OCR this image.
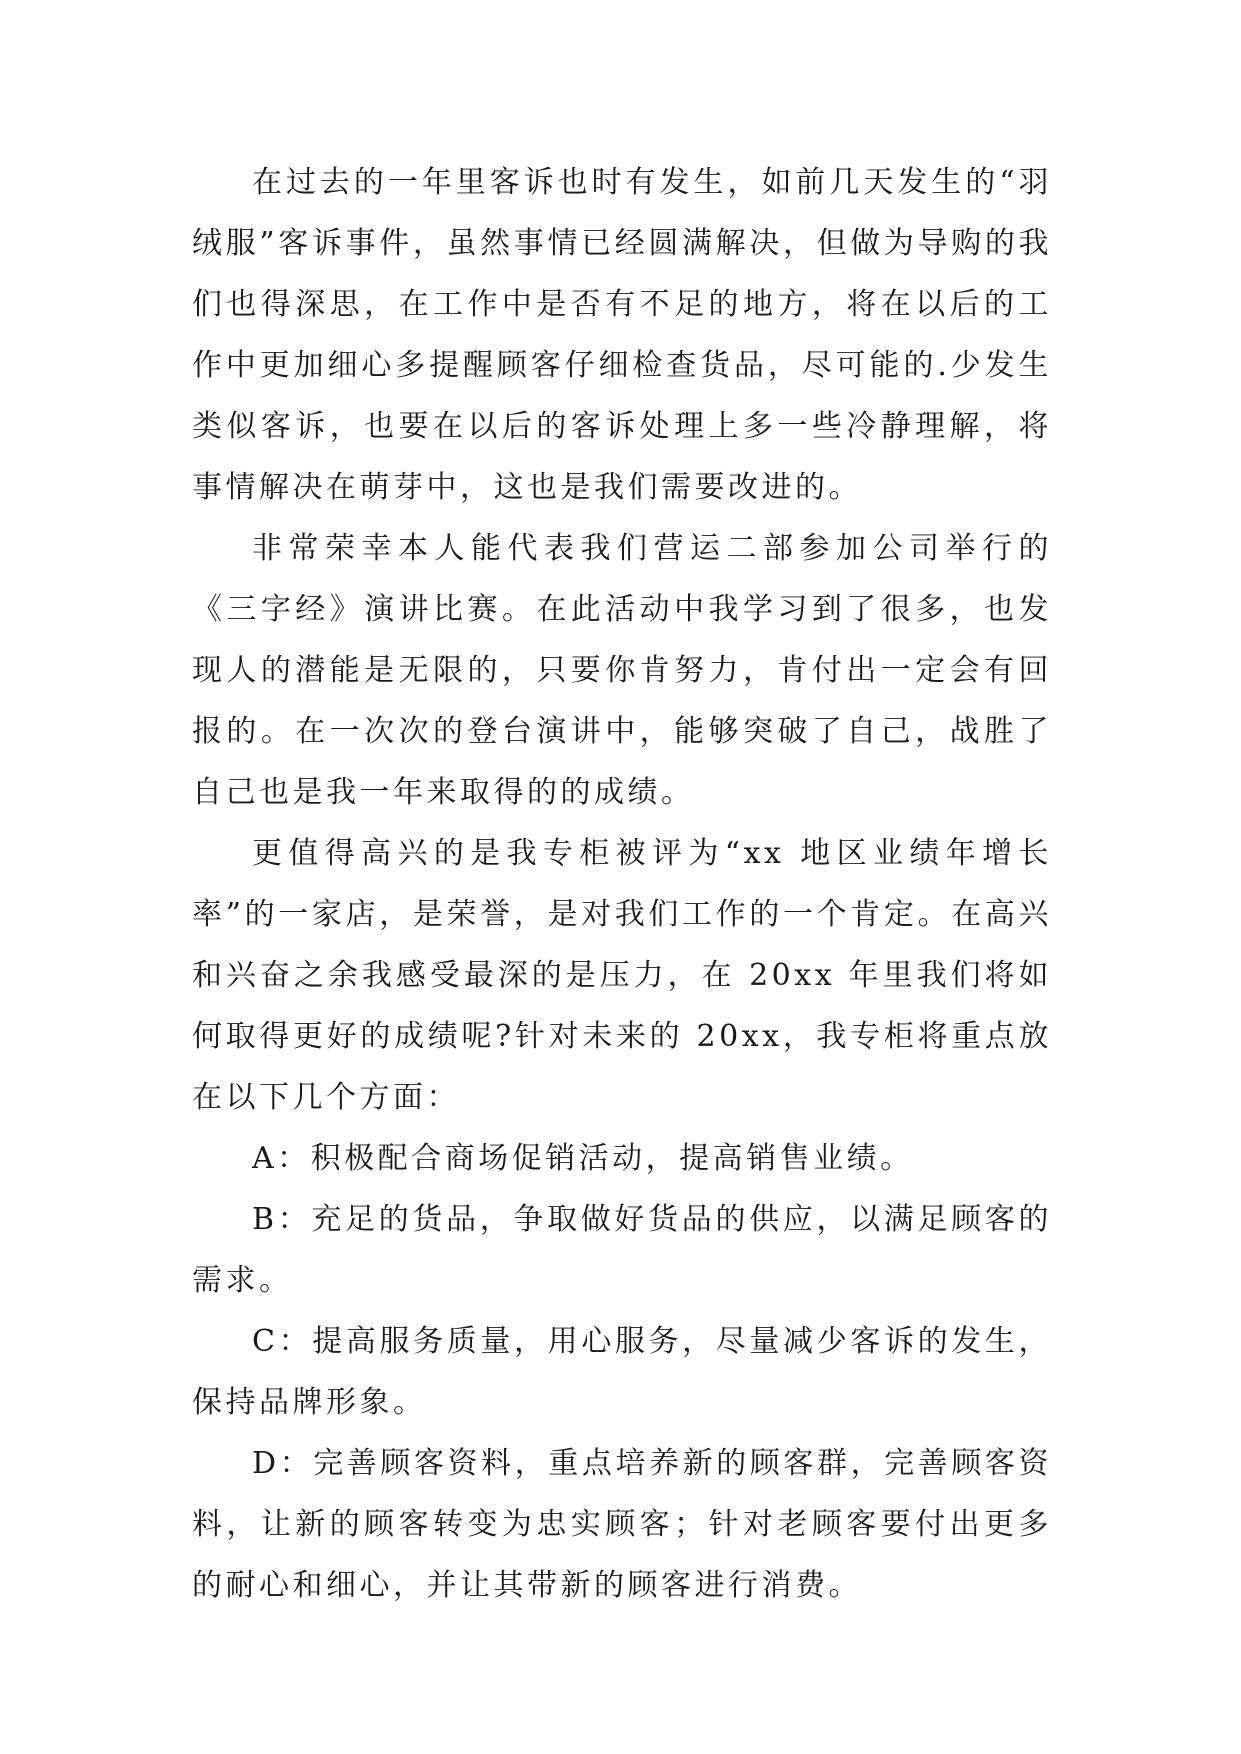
在过去的一年里客诉也时有发生，如前几天发生的“羽绒服”客诉事件，虽然事情已经圆满解决，但做为导购的我们也得深思，在工作中是否有不足的地方，将在以后的工作中更加细心多提醒顾客仔细检查货品，尽可能的.少发生类似客诉，也要在以后的客诉处理上多一些冷静理解，将事情解决在萌芽中，这也是我们需要改进的。

非常荣幸本人能代表我们营运二部参加公司举行的《三字经》演讲比赛。在此活动中我学习到了很多，也发现人的潜能是无限的，只要你肯努力，肯付出一定会有回报的。在一次次的登台演讲中，能够突破了自己，战胜了自己也是我一年来取得的的成绩。

更值得高兴的是我专柜被评为“xx 地区业绩年增长率”的一家店，是荣誉，是对我们工作的一个肯定。在高兴和兴奋之余我感受最深的是压力，在 20xx 年里我们将如何取得更好的成绩呢?针对未来的 20xx，我专柜将重点放在以下几个方面：

A：积极配合商场促销活动，提高销售业绩。

B：充足的货品，争取做好货品的供应，以满足顾客的需求。

C：提高服务质量，用心服务，尽量减少客诉的发生，保持品牌形象。

D：完善顾客资料，重点培养新的顾客群，完善顾客资料，让新的顾客转变为忠实顾客；针对老顾客要付出更多的耐心和细心，并让其带新的顾客进行消费。
